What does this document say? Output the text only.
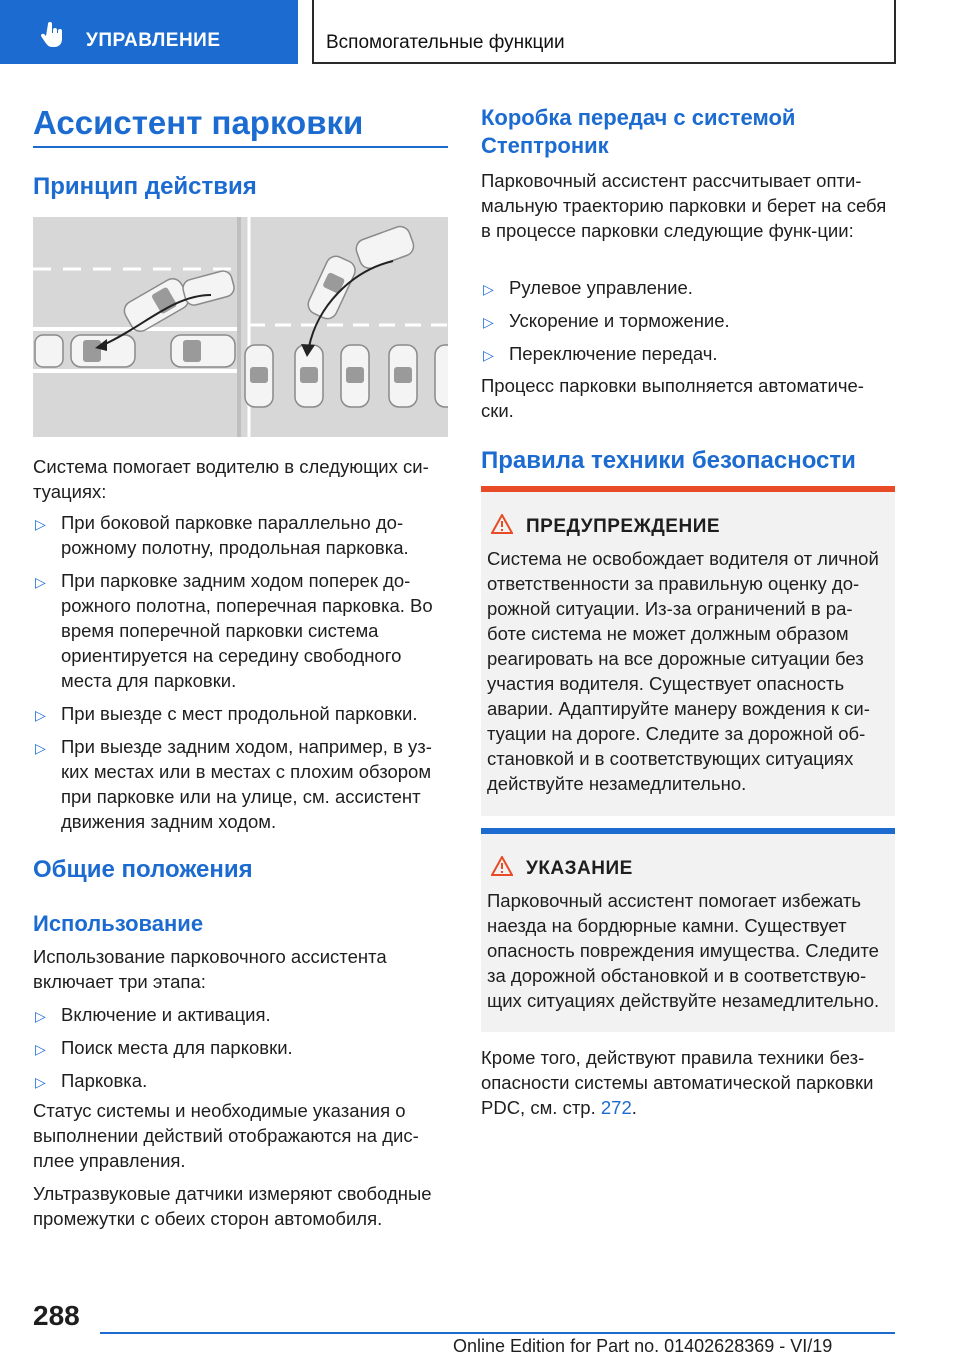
УПРАВЛЕНИЕ	Вспомогательные функции
Ассистент парковки
Принцип действия
Система помогает водителю в следующих си-туациях:
▷ При боковой парковке параллельно до-рожному полотну, продольная парковка.
▷ При парковке задним ходом поперек до-рожного полотна, поперечная парковка. Во время поперечной парковки система ориентируется на середину свободного места для парковки.
▷ При выезде с мест продольной парковки.
▷ При выезде задним ходом, например, в уз-ких местах или в местах с плохим обзором при парковке или на улице, см. ассистент движения задним ходом.
Общие положения
Использование
Использование парковочного ассистента включает три этапа:
▷ Включение и активация.
▷ Поиск места для парковки.
▷ Парковка.
Статус системы и необходимые указания о выполнении действий отображаются на дис-плее управления.
Ультразвуковые датчики измеряют свободные промежутки с обеих сторон автомобиля.
Коробка передач с системой Стептроник
Парковочный ассистент рассчитывает опти-мальную траекторию парковки и берет на себя в процессе парковки следующие функ-ции:
▷ Рулевое управление.
▷ Ускорение и торможение.
▷ Переключение передач.
Процесс парковки выполняется автоматиче-ски.
Правила техники безопасности
ПРЕДУПРЕЖДЕНИЕ
Система не освобождает водителя от личной ответственности за правильную оценку до-рожной ситуации. Из-за ограничений в ра-боте система не может должным образом реагировать на все дорожные ситуации без участия водителя. Существует опасность аварии. Адаптируйте манеру вождения к си-туации на дороге. Следите за дорожной об-становкой и в соответствующих ситуациях действуйте незамедлительно.
УКАЗАНИЕ
Парковочный ассистент помогает избежать наезда на бордюрные камни. Существует опасность повреждения имущества. Следите за дорожной обстановкой и в соответствую-щих ситуациях действуйте незамедлительно.
Кроме того, действуют правила техники без-опасности системы автоматической парковки PDC, см. стр. 272.
288
Online Edition for Part no. 01402628369 - VI/19
